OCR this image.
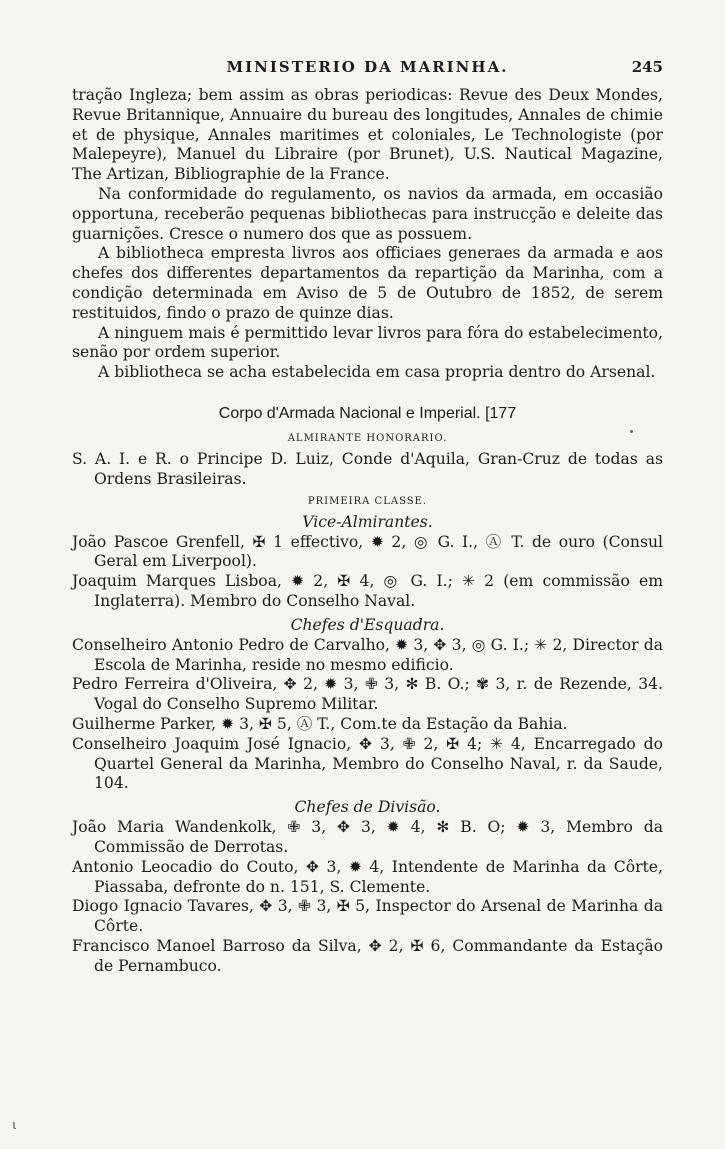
MINISTERIO DA MARINHA.	245

tração Ingleza; bem assim as obras periodicas: Revue des Deux Mondes, Revue Britannique, Annuaire du bureau des longitudes, Annales de chimie et de physique, Annales maritimes et coloniales, Le Technologiste (por Malepeyre), Manuel du Libraire (por Brunet), U.S. Nautical Magazine, The Artizan, Bibliographie de la France.

Na conformidade do regulamento, os navios da armada, em occasião opportuna, receberão pequenas bibliothecas para instrucção e deleite das guarnições. Cresce o numero dos que as possuem.

A bibliotheca empresta livros aos officiaes generaes da armada e aos chefes dos differentes departamentos da repartição da Marinha, com a condição determinada em Aviso de 5 de Outubro de 1852, de serem restituidos, findo o prazo de quinze dias.

A ninguem mais é permittido levar livros para fóra do estabelecimento, senão por ordem superior.

A bibliotheca se acha estabelecida em casa propria dentro do Arsenal.

Corpo d'Armada Nacional e Imperial. [177
ALMIRANTE HONORARIO.

S. A. I. e R. o Principe D. Luiz, Conde d'Aquila, Gran-Cruz de todas as Ordens Brasileiras.

PRIMEIRA CLASSE.
Vice-Almirantes.

João Pascoe Grenfell, ✠ 1 effectivo, ✹ 2, ◎ G. I., Ⓐ T. de ouro (Consul Geral em Liverpool).

Joaquim Marques Lisboa, ✹ 2, ✠ 4, ◎ G. I.; ✳ 2 (em commissão em Inglaterra). Membro do Conselho Naval.

Chefes d'Esquadra.

Conselheiro Antonio Pedro de Carvalho, ✹ 3, ✥ 3, ◎ G. I.; ✳ 2, Director da Escola de Marinha, reside no mesmo edificio.

Pedro Ferreira d'Oliveira, ✥ 2, ✹ 3, ✙ 3, ✻ B. O.; ✾ 3, r. de Rezende, 34. Vogal do Conselho Supremo Militar.

Guilherme Parker, ✹ 3, ✠ 5, Ⓐ T., Com.te da Estação da Bahia.

Conselheiro Joaquim José Ignacio, ✥ 3, ✙ 2, ✠ 4; ✳ 4, Encarregado do Quartel General da Marinha, Membro do Conselho Naval, r. da Saude, 104.

Chefes de Divisão.

João Maria Wandenkolk, ✙ 3, ✥ 3, ✹ 4, ✻ B. O; ✹ 3, Membro da Commissão de Derrotas.

Antonio Leocadio do Couto, ✥ 3, ✹ 4, Intendente de Marinha da Côrte, Piassaba, defronte do n. 151, S. Clemente.

Diogo Ignacio Tavares, ✥ 3, ✙ 3, ✠ 5, Inspector do Arsenal de Marinha da Côrte.

Francisco Manoel Barroso da Silva, ✥ 2, ✠ 6, Commandante da Estação de Pernambuco.

ι
